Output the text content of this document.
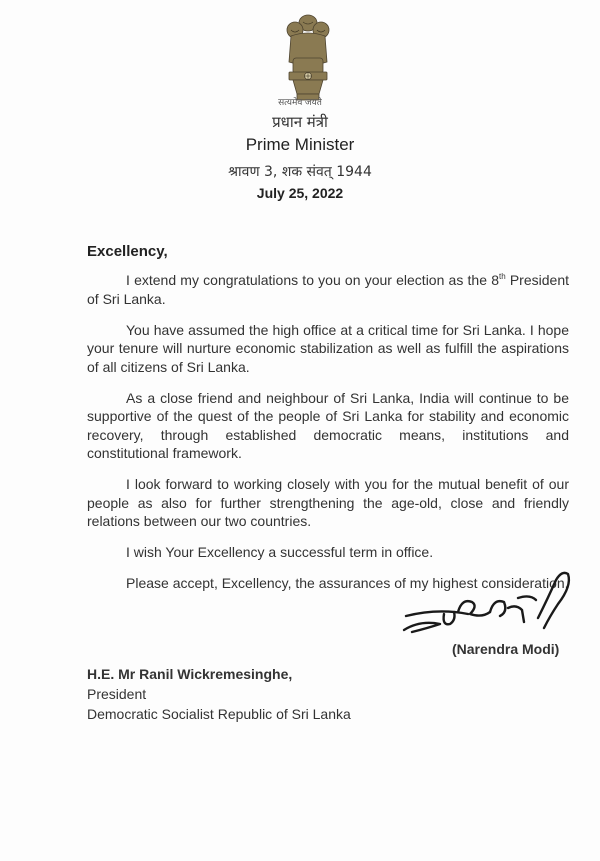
सत्यमेव जयते
प्रधान मंत्री
Prime Minister
श्रावण 3, शक संवत् 1944
July 25, 2022
Excellency,

I extend my congratulations to you on your election as the 8th President of Sri Lanka.

You have assumed the high office at a critical time for Sri Lanka. I hope your tenure will nurture economic stabilization as well as fulfill the aspirations of all citizens of Sri Lanka.

As a close friend and neighbour of Sri Lanka, India will continue to be supportive of the quest of the people of Sri Lanka for stability and economic recovery, through established democratic means, institutions and constitutional framework.

I look forward to working closely with you for the mutual benefit of our people as also for further strengthening the age-old, close and friendly relations between our two countries.

I wish Your Excellency a successful term in office.

Please accept, Excellency, the assurances of my highest consideration.

(Narendra Modi)
H.E. Mr Ranil Wickremesinghe,
President
Democratic Socialist Republic of Sri Lanka
